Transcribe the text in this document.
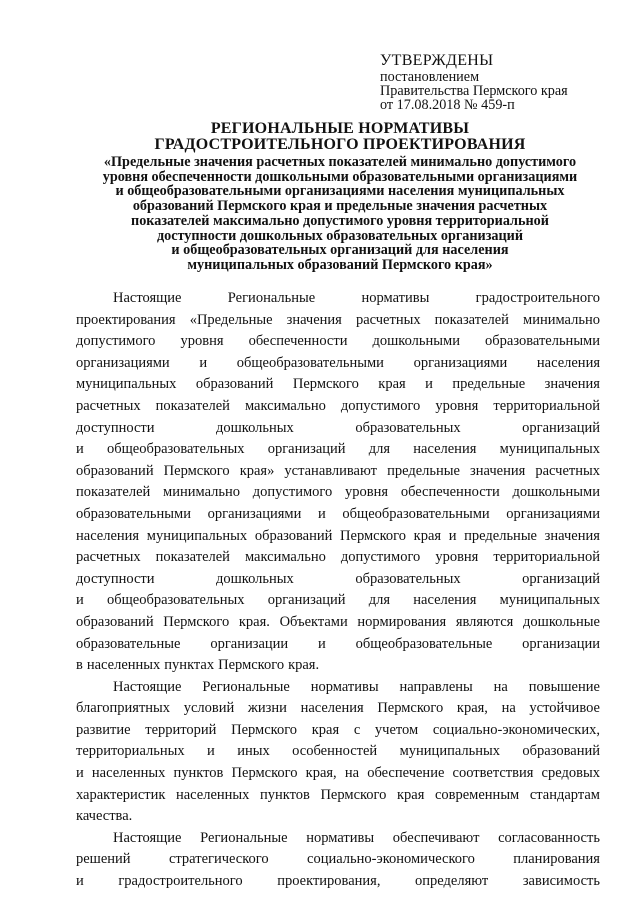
УТВЕРЖДЕНЫ
постановлением
Правительства Пермского края
от 17.08.2018 № 459-п
РЕГИОНАЛЬНЫЕ НОРМАТИВЫ
ГРАДОСТРОИТЕЛЬНОГО ПРОЕКТИРОВАНИЯ
«Предельные значения расчетных показателей минимально допустимого
уровня обеспеченности дошкольными образовательными организациями
и общеобразовательными организациями населения муниципальных
образований Пермского края и предельные значения расчетных
показателей максимально допустимого уровня территориальной
доступности дошкольных образовательных организаций
и общеобразовательных организаций для населения
муниципальных образований Пермского края»
Настоящие	Региональные	нормативы	градостроительного
проектирования «Предельные значения расчетных показателей минимально
допустимого уровня обеспеченности дошкольными образовательными
организациями и общеобразовательными организациями населения
муниципальных образований Пермского края и предельные значения
расчетных показателей максимально допустимого уровня территориальной
доступности	дошкольных	образовательных	организаций
и общеобразовательных организаций для населения муниципальных
образований Пермского края» устанавливают предельные значения расчетных
показателей минимально допустимого уровня обеспеченности дошкольными
образовательными организациями и общеобразовательными организациями
населения муниципальных образований Пермского края и предельные значения
расчетных показателей максимально допустимого уровня территориальной
доступности	дошкольных	образовательных	организаций
и общеобразовательных организаций для населения муниципальных
образований Пермского края. Объектами нормирования являются дошкольные
образовательные организации и общеобразовательные организации
в населенных пунктах Пермского края.
Настоящие Региональные нормативы направлены на повышение
благоприятных условий жизни населения Пермского края, на устойчивое
развитие территорий Пермского края с учетом социально-экономических,
территориальных и иных особенностей муниципальных образований
и населенных пунктов Пермского края, на обеспечение соответствия средовых
характеристик населенных пунктов Пермского края современным стандартам
качества.
Настоящие Региональные нормативы обеспечивают согласованность
решений	стратегического	социально-экономического	планирования
и градостроительного проектирования, определяют зависимость
